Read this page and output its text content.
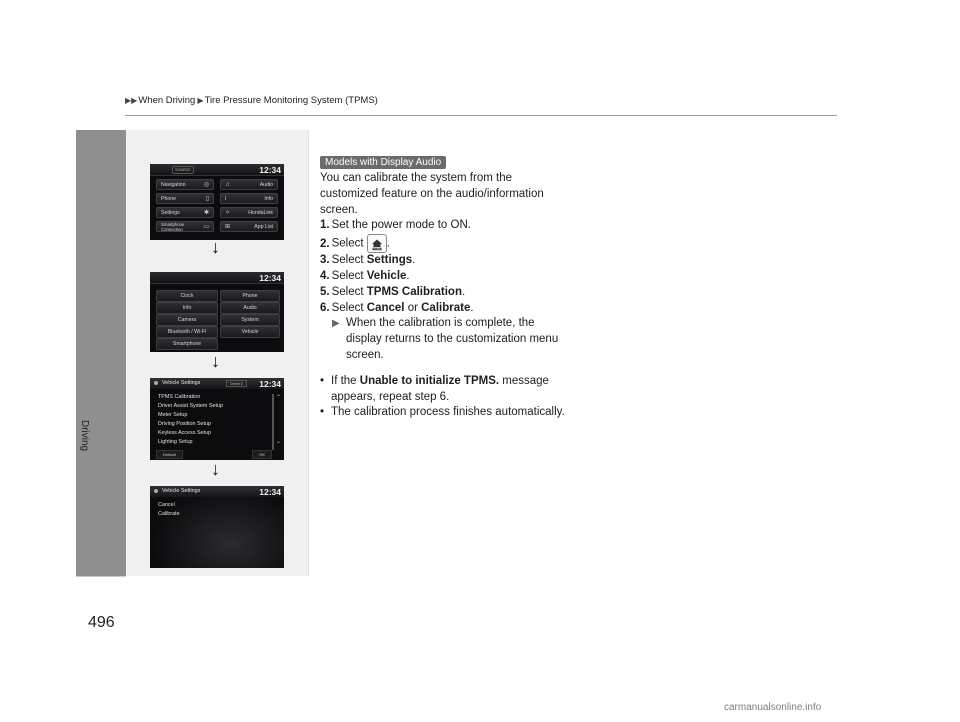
▶▶ When Driving ▶ Tire Pressure Monitoring System (TPMS)
Driving
496
SOURCE	12:34
Navigation	◎	♫	Audio
Phone	▯	i	Info
Settings	✱	✧	HondaLink
Smartphone Connection	▭	⊞	App List
↓
12:34
Clock	Phone
Info	Audio
Camera	System
Bluetooth / Wi-Fi	Vehicle
Smartphone
↓
Vehicle Settings	Driver2	12:34
TPMS Calibration
Driver Assist System Setup
Meter Setup
Driving Position Setup
Keyless Access Setup
Lighting Setup
⌃
⌄
Default	OK
↓
Vehicle Settings	12:34
Cancel
Calibrate
Models with Display Audio
You can calibrate the system from the customized feature on the audio/information screen.
1. Set the power mode to ON.
2. Select	HOME .
3. Select Settings.
4. Select Vehicle.
5. Select TPMS Calibration.
6. Select Cancel or Calibrate.
▶ When the calibration is complete, the display returns to the customization menu screen.
• If the Unable to initialize TPMS. message appears, repeat step 6.
• The calibration process finishes automatically.
carmanualsonline.info
